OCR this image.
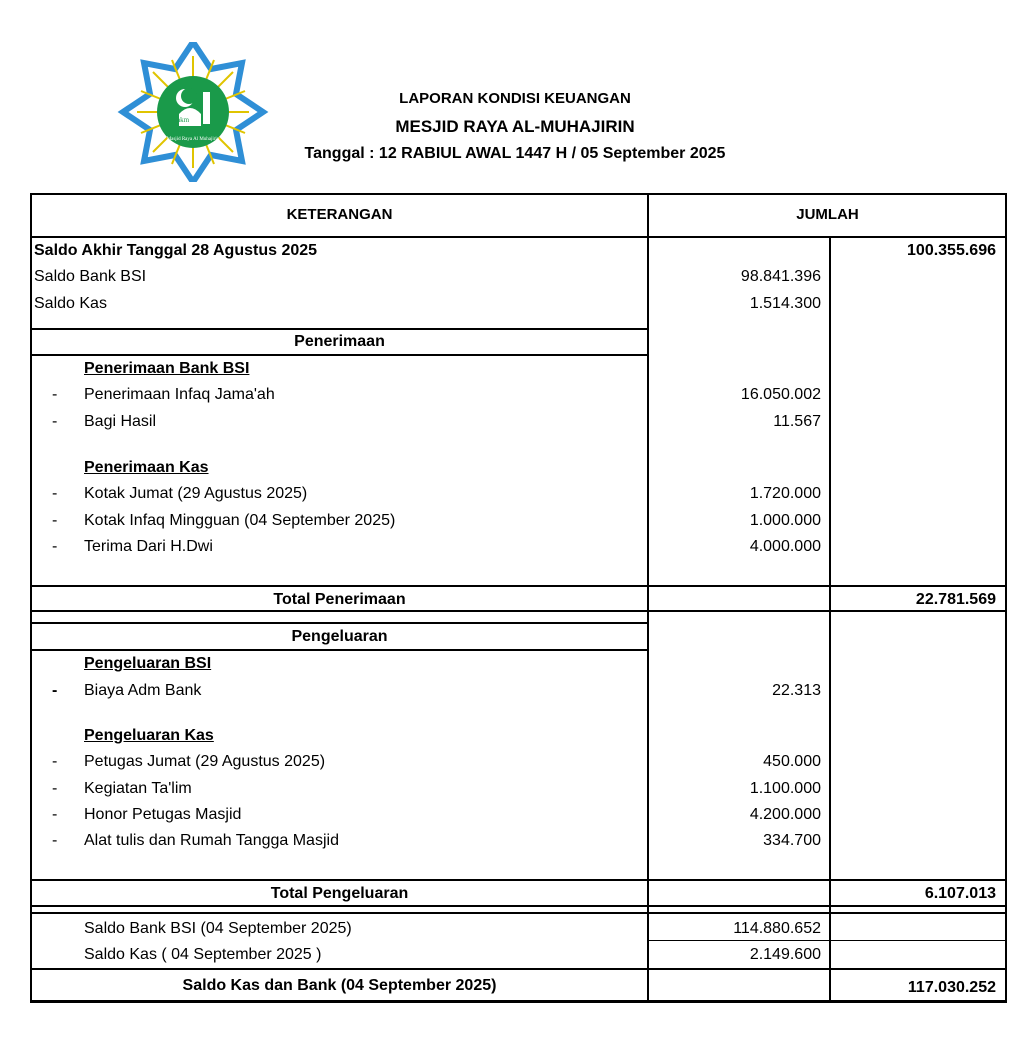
akm
Masjid Raya Al Muhajirin
LAPORAN KONDISI KEUANGAN
MESJID RAYA AL-MUHAJIRIN
Tanggal : 12 RABIUL AWAL 1447 H / 05 September 2025
KETERANGAN	JUMLAH
Saldo Akhir Tanggal 28 Agustus 2025	100.355.696
Saldo Bank BSI	98.841.396
Saldo Kas	1.514.300
Penerimaan
Penerimaan Bank BSI
- Penerimaan Infaq Jama'ah	16.050.002
- Bagi Hasil	11.567
Penerimaan Kas
- Kotak Jumat (29 Agustus 2025)	1.720.000
- Kotak Infaq Mingguan (04 September 2025)	1.000.000
- Terima Dari H.Dwi	4.000.000
Total Penerimaan	22.781.569
Pengeluaran
Pengeluaran BSI
- Biaya Adm Bank	22.313
Pengeluaran Kas
- Petugas Jumat (29 Agustus 2025)	450.000
- Kegiatan Ta'lim	1.100.000
- Honor Petugas Masjid	4.200.000
- Alat tulis dan Rumah Tangga Masjid	334.700
Total Pengeluaran	6.107.013
Saldo Bank BSI (04 September 2025)	114.880.652
Saldo Kas ( 04 September 2025 )	2.149.600
Saldo Kas dan Bank (04 September 2025)	117.030.252
